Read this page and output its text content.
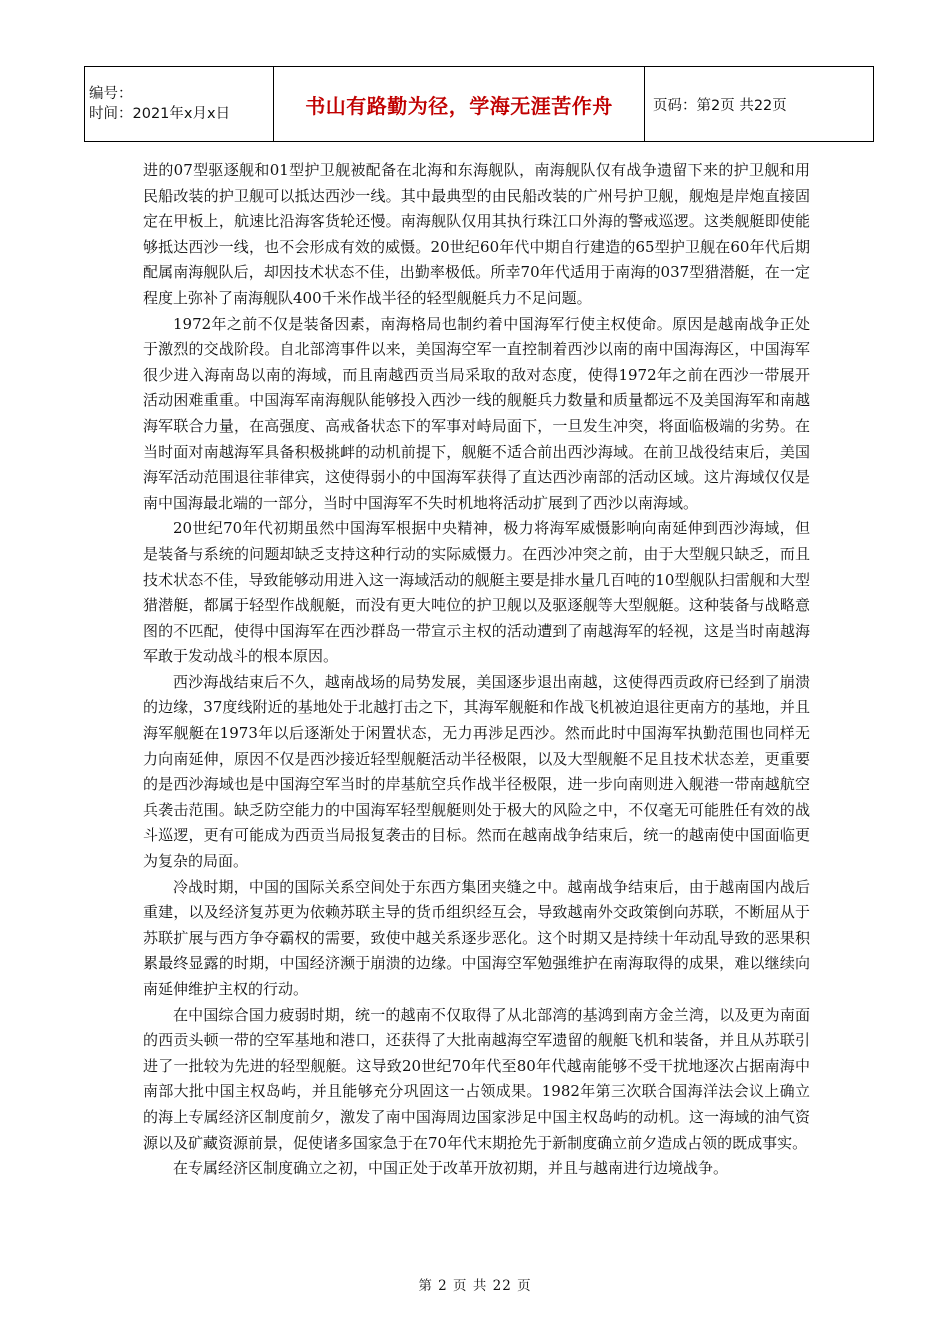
编号：
时间：2021年x月x日	书山有路勤为径，学海无涯苦作舟	页码：第2页 共22页

进的07型驱逐舰和01型护卫舰被配备在北海和东海舰队，南海舰队仅有战争遗留下来的护卫舰和用民船改装的护卫舰可以抵达西沙一线。其中最典型的由民船改装的广州号护卫舰，舰炮是岸炮直接固定在甲板上，航速比沿海客货轮还慢。南海舰队仅用其执行珠江口外海的警戒巡逻。这类舰艇即使能够抵达西沙一线，也不会形成有效的威慑。20世纪60年代中期自行建造的65型护卫舰在60年代后期配属南海舰队后，却因技术状态不佳，出勤率极低。所幸70年代适用于南海的037型猎潜艇，在一定程度上弥补了南海舰队400千米作战半径的轻型舰艇兵力不足问题。

1972年之前不仅是装备因素，南海格局也制约着中国海军行使主权使命。原因是越南战争正处于激烈的交战阶段。自北部湾事件以来，美国海空军一直控制着西沙以南的南中国海海区，中国海军很少进入海南岛以南的海域，而且南越西贡当局采取的敌对态度，使得1972年之前在西沙一带展开活动困难重重。中国海军南海舰队能够投入西沙一线的舰艇兵力数量和质量都远不及美国海军和南越海军联合力量，在高强度、高戒备状态下的军事对峙局面下，一旦发生冲突，将面临极端的劣势。在当时面对南越海军具备积极挑衅的动机前提下，舰艇不适合前出西沙海域。在前卫战役结束后，美国海军活动范围退往菲律宾，这使得弱小的中国海军获得了直达西沙南部的活动区域。这片海域仅仅是南中国海最北端的一部分，当时中国海军不失时机地将活动扩展到了西沙以南海域。

20世纪70年代初期虽然中国海军根据中央精神，极力将海军威慑影响向南延伸到西沙海域，但是装备与系统的问题却缺乏支持这种行动的实际威慑力。在西沙冲突之前，由于大型舰只缺乏，而且技术状态不佳，导致能够动用进入这一海域活动的舰艇主要是排水量几百吨的10型舰队扫雷舰和大型猎潜艇，都属于轻型作战舰艇，而没有更大吨位的护卫舰以及驱逐舰等大型舰艇。这种装备与战略意图的不匹配，使得中国海军在西沙群岛一带宣示主权的活动遭到了南越海军的轻视，这是当时南越海军敢于发动战斗的根本原因。

西沙海战结束后不久，越南战场的局势发展，美国逐步退出南越，这使得西贡政府已经到了崩溃的边缘，37度线附近的基地处于北越打击之下，其海军舰艇和作战飞机被迫退往更南方的基地，并且海军舰艇在1973年以后逐渐处于闲置状态，无力再涉足西沙。然而此时中国海军执勤范围也同样无力向南延伸，原因不仅是西沙接近轻型舰艇活动半径极限，以及大型舰艇不足且技术状态差，更重要的是西沙海域也是中国海空军当时的岸基航空兵作战半径极限，进一步向南则进入舰港一带南越航空兵袭击范围。缺乏防空能力的中国海军轻型舰艇则处于极大的风险之中，不仅毫无可能胜任有效的战斗巡逻，更有可能成为西贡当局报复袭击的目标。然而在越南战争结束后，统一的越南使中国面临更为复杂的局面。

冷战时期，中国的国际关系空间处于东西方集团夹缝之中。越南战争结束后，由于越南国内战后重建，以及经济复苏更为依赖苏联主导的货币组织经互会，导致越南外交政策倒向苏联，不断屈从于苏联扩展与西方争夺霸权的需要，致使中越关系逐步恶化。这个时期又是持续十年动乱导致的恶果积累最终显露的时期，中国经济濒于崩溃的边缘。中国海空军勉强维护在南海取得的成果，难以继续向南延伸维护主权的行动。

在中国综合国力疲弱时期，统一的越南不仅取得了从北部湾的基鸿到南方金兰湾，以及更为南面的西贡头顿一带的空军基地和港口，还获得了大批南越海空军遗留的舰艇飞机和装备，并且从苏联引进了一批较为先进的轻型舰艇。这导致20世纪70年代至80年代越南能够不受干扰地逐次占据南海中南部大批中国主权岛屿，并且能够充分巩固这一占领成果。1982年第三次联合国海洋法会议上确立的海上专属经济区制度前夕，激发了南中国海周边国家涉足中国主权岛屿的动机。这一海域的油气资源以及矿藏资源前景，促使诸多国家急于在70年代末期抢先于新制度确立前夕造成占领的既成事实。

在专属经济区制度确立之初，中国正处于改革开放初期，并且与越南进行边境战争。

第 2 页 共 22 页
